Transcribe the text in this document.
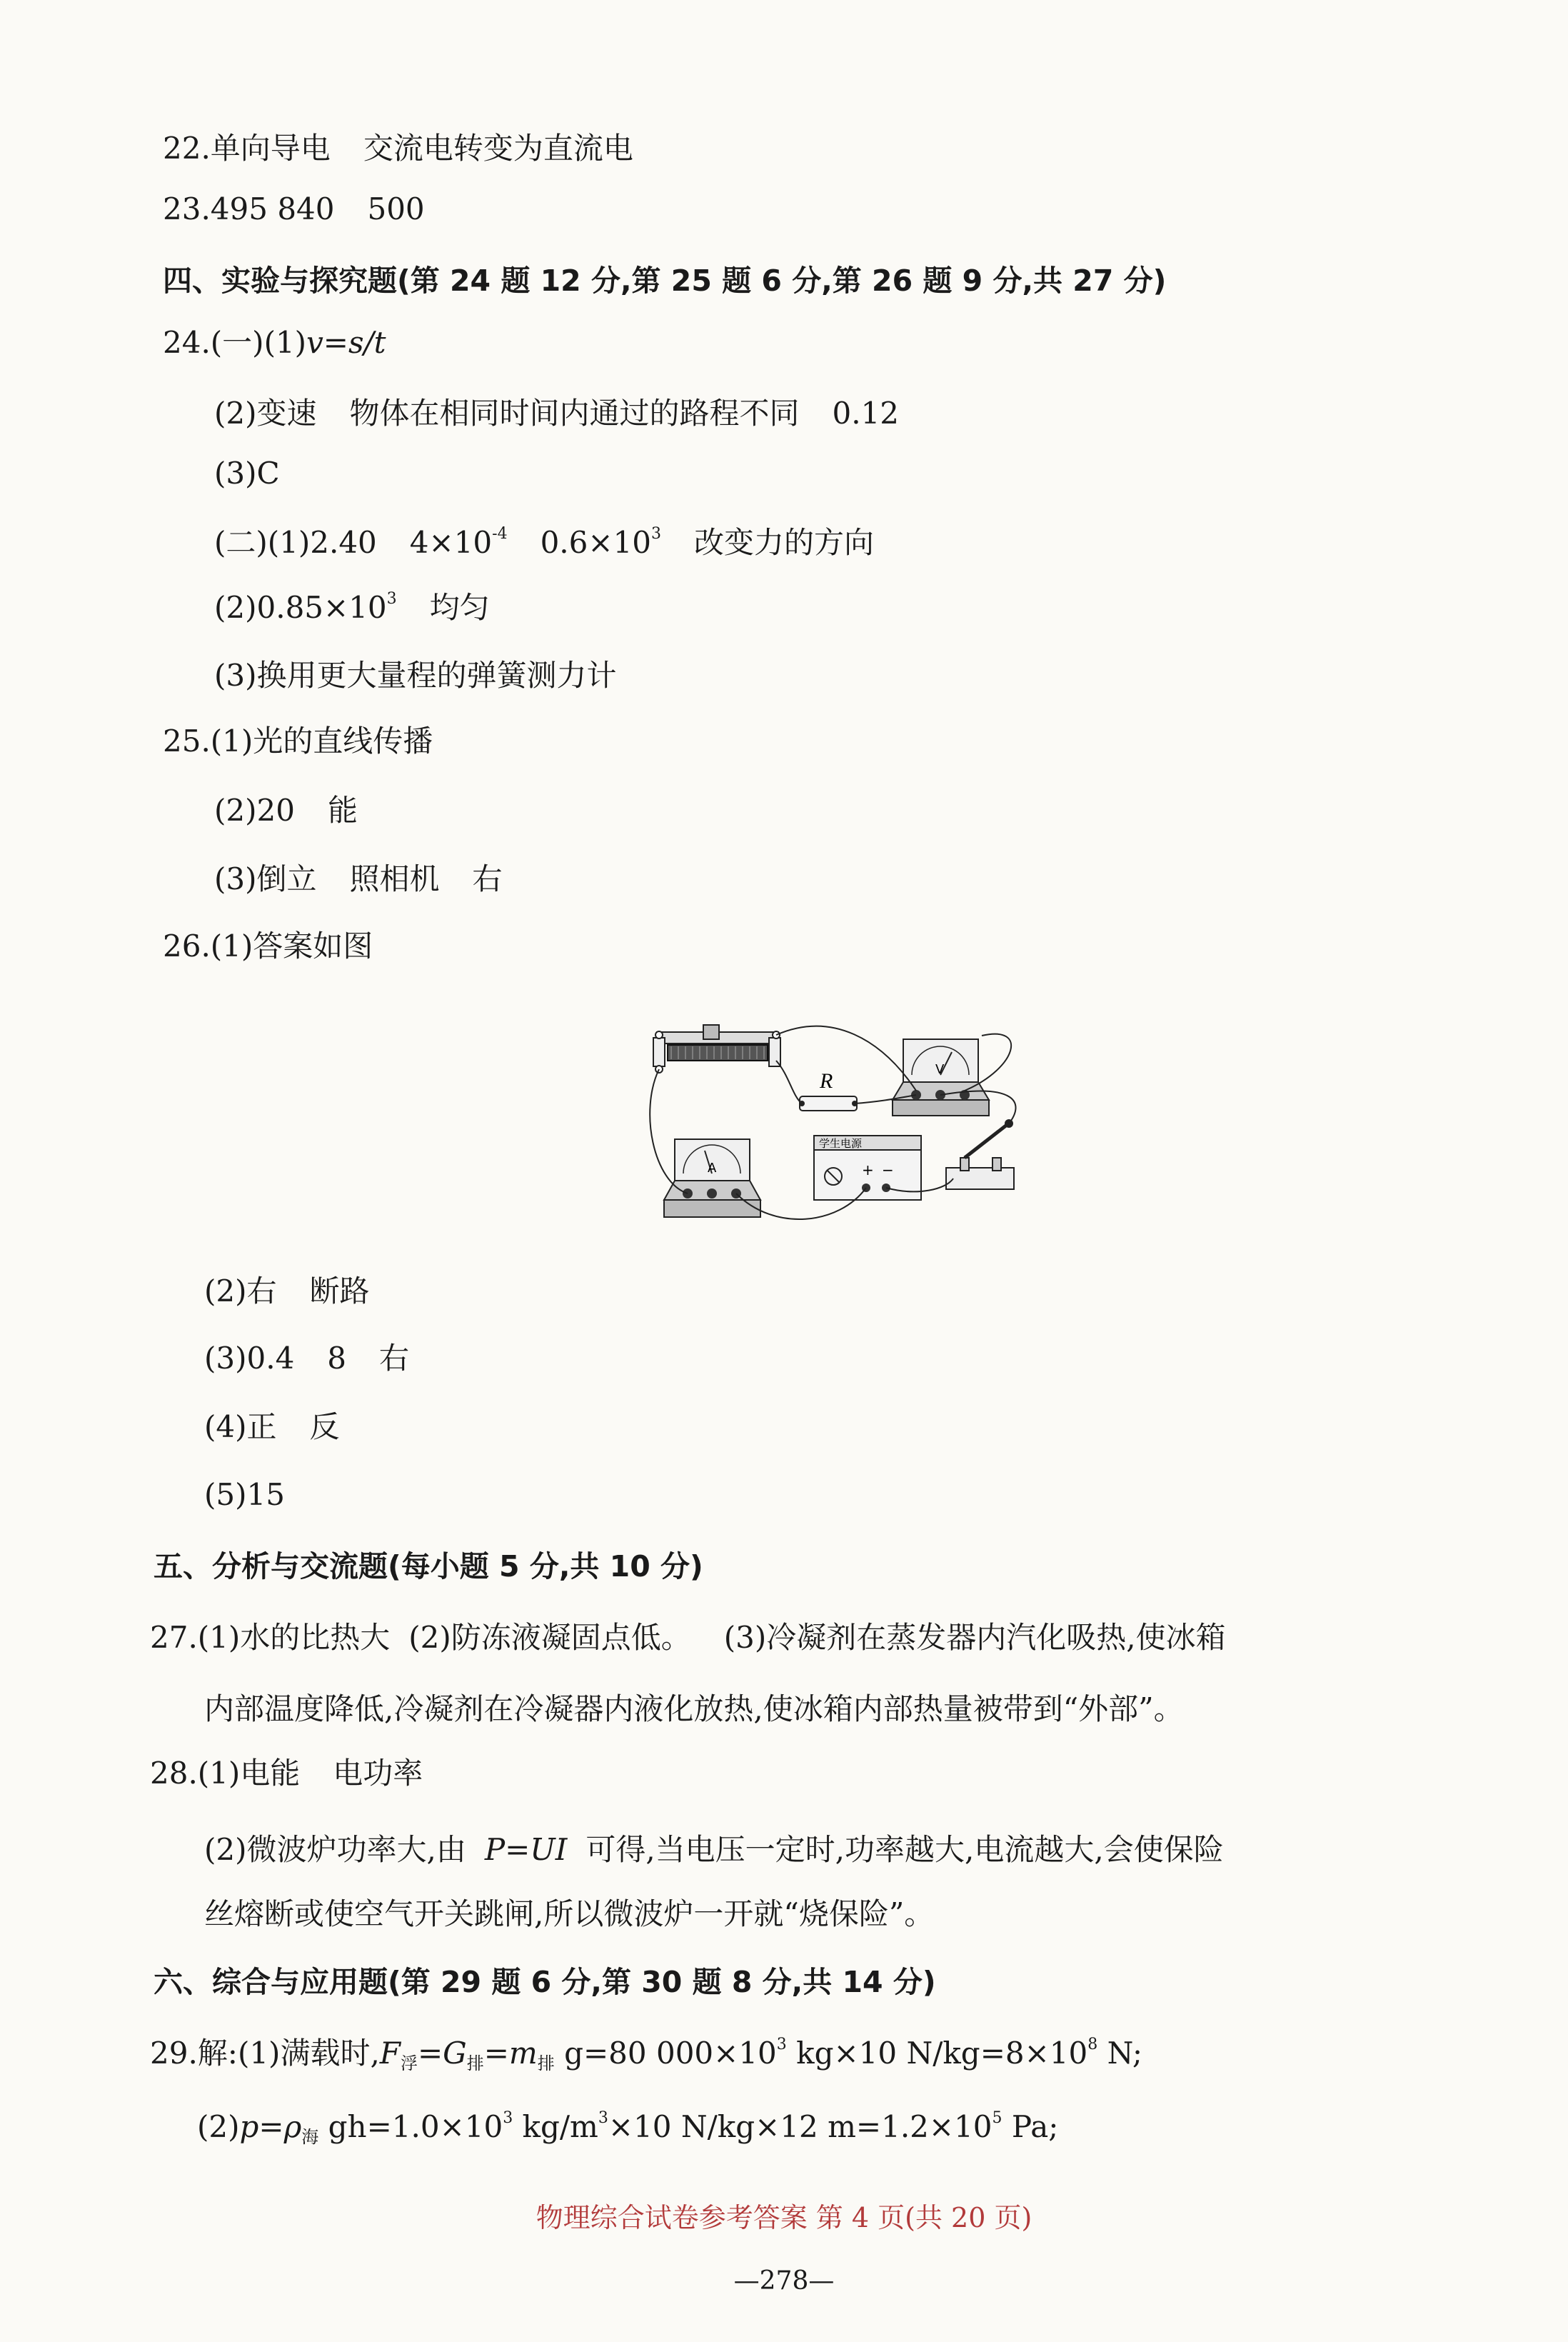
22.单向导电 交流电转变为直流电
23.495 840 500
四、实验与探究题(第 24 题 12 分,第 25 题 6 分,第 26 题 9 分,共 27 分)
24.(一)(1)v=s/t
(2)变速 物体在相同时间内通过的路程不同 0.12
(3)C
(二)(1)2.40 $4\times 10^{-4}$ $0.6\times 10^3$ 改变力的方向
$(2)0.85\times 10^3$ 均匀
(3)换用更大量程的弹簧测力计
25.(1)光的直线传播
(2)20 能
(3)倒立 照相机 右
26.(1)答案如图
R	V
A
学生电源
+ −
(2)右 断路
(3)0.4 8 右
(4)正 反
(5)15
五、分析与交流题(每小题 5 分,共 10 分)
27.(1)水的比热大 (2)防冻液凝固点低。 (3)冷凝剂在蒸发器内汽化吸热,使冰箱
内部温度降低,冷凝剂在冷凝器内液化放热,使冰箱内部热量被带到“外部”。
28.(1)电能 电功率
(2)微波炉功率大,由 P=UI 可得,当电压一定时,功率越大,电流越大,会使保险
丝熔断或使空气开关跳闸,所以微波炉一开就“烧保险”。
六、综合与应用题(第 29 题 6 分,第 30 题 8 分,共 14 分)
29.解:(1)满载时$,F_浮=G_排=m_排$ g=80 $000\times 10^3$ kg×10 $N/kg=8\times 10^8$ N;
$(2)p=\rho_海$ $gh=1.0\times 10^3$ $kg/m^3\times 10$ N/kg×12 $m=1.2\times 10^5$ Pa;
物理综合试卷参考答案 第 4 页(共 20 页)
—278—
